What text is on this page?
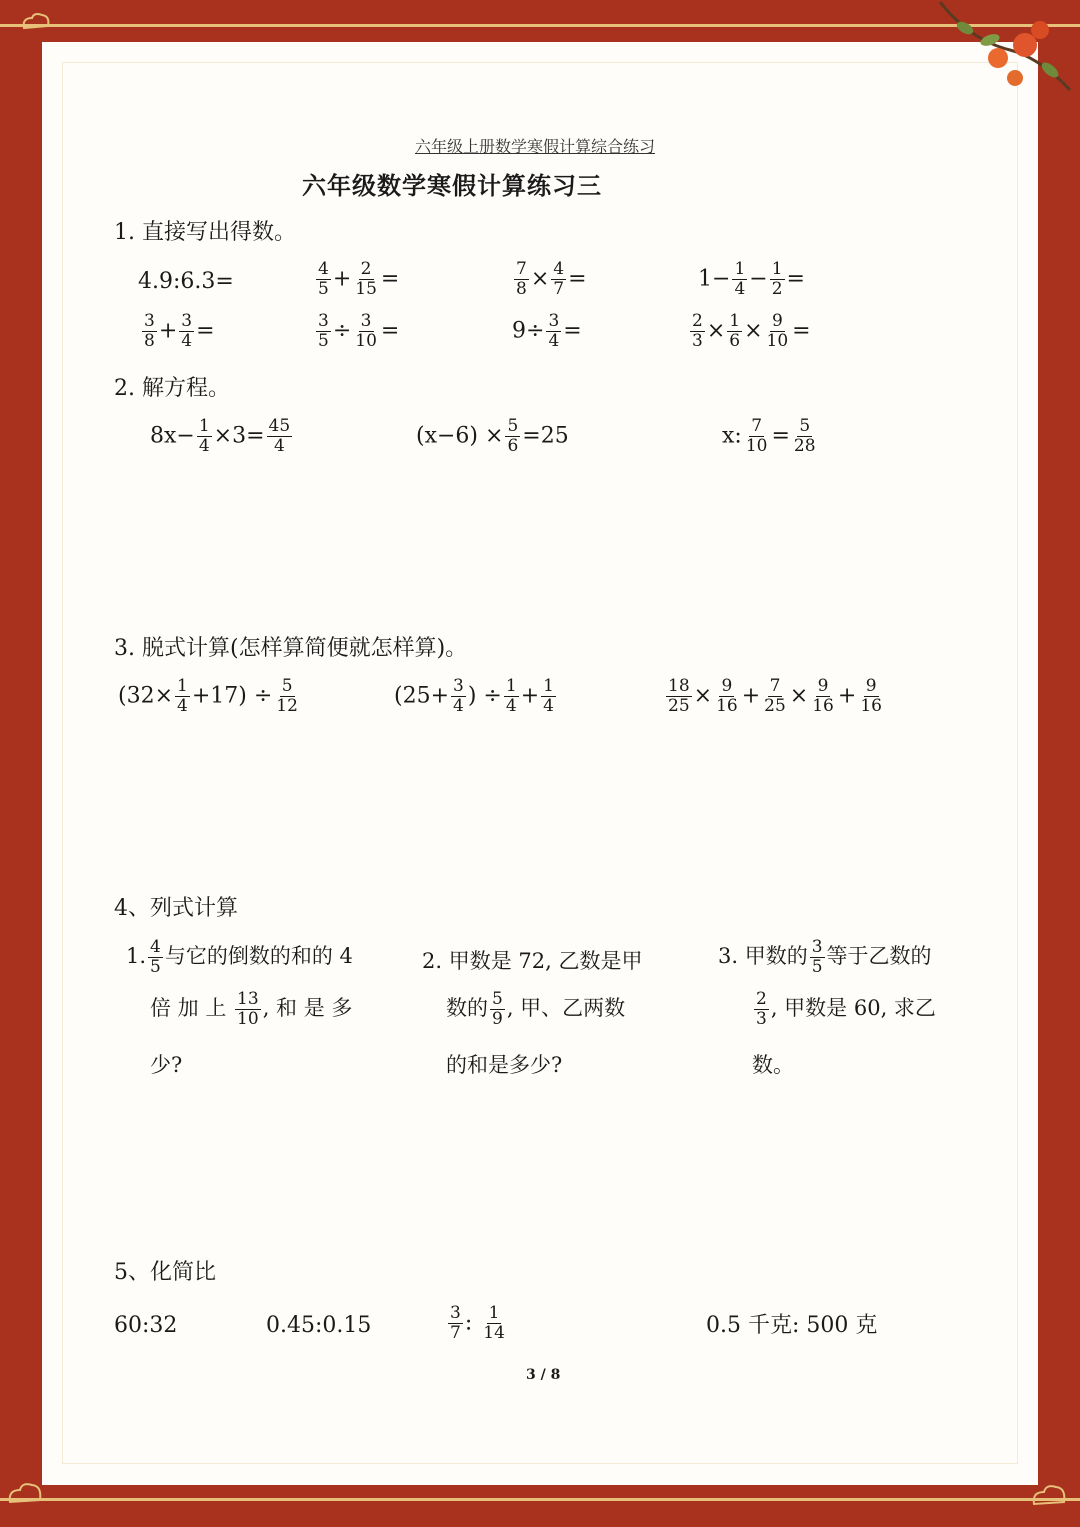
六年级上册数学寒假计算综合练习
六年级数学寒假计算练习三
1. 直接写出得数。
4.9:6.3=	$\frac{4}{5} + \frac{2}{15}$ =	$\frac{7}{8} \times \frac{4}{7}$ =	$1- \frac{1}{4} - \frac{1}{2}$ =
$\frac{3}{8} + \frac{3}{4}$ =	$\frac{3}{5} \div \frac{3}{10}$ =	$9\div \frac{3}{4}$ =	$\frac{2}{3} \times \frac{1}{6} \times \frac{9}{10}$ =
2. 解方程。
$8x- \frac{1}{4} \times 3= \frac{45}{4}$	$(x-6) \times \frac{5}{6} =25$	x: $\frac{7}{10} = \frac{5}{28}$
3. 脱式计算(怎样算简便就怎样算)。
$(32\times \frac{1}{4} +17) \div \frac{5}{12}$	($25+ \frac{3}{4}$ ) ÷ $\frac{1}{4} + \frac{1}{4}$	$\frac{18}{25} \times \frac{9}{16} + \frac{7}{25} \times \frac{9}{16} + \frac{9}{16}$
4、列式计算
1. $\frac{4}{5}$ 与它的倒数的和的 4
倍 加 上 $\frac{13}{10}$ , 和 是 多
少?
2. 甲数是 72, 乙数是甲
数的 $\frac{5}{9}$ , 甲、乙两数
的和是多少?
3. 甲数的 $\frac{3}{5}$ 等于乙数的
$\frac{2}{3}$ , 甲数是 60, 求乙
数。
5、化简比
60:32	0.45:0.15	$\frac{3}{7}$ : $\frac{1}{14}$	0.5 千克: 500 克
3 / 8
